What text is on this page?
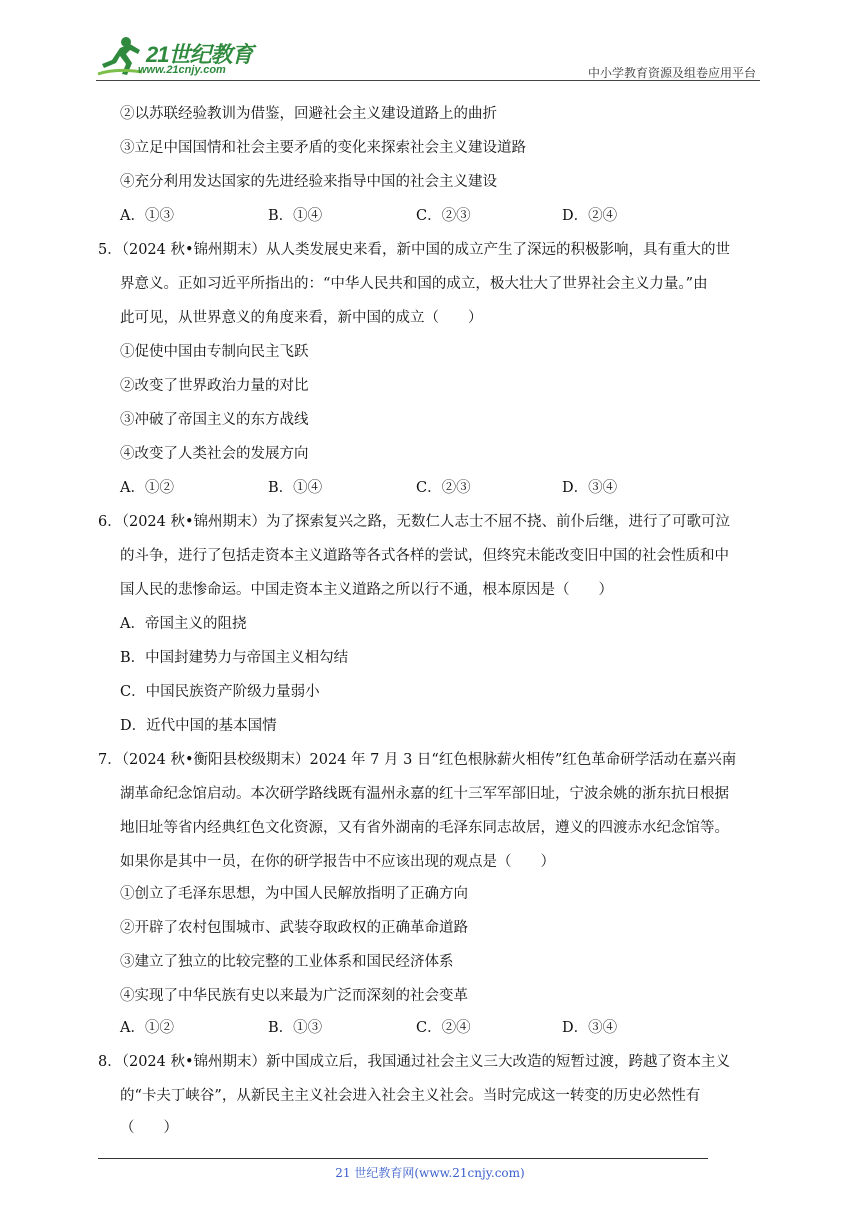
21世纪教育
www.21cnjy.com	中小学教育资源及组卷应用平台
②以苏联经验教训为借鉴，回避社会主义建设道路上的曲折
③立足中国国情和社会主要矛盾的变化来探索社会主义建设道路
④充分利用发达国家的先进经验来指导中国的社会主义建设
A．①③	B．①④	C．②③	D．②④
5．（2024 秋•锦州期末）从人类发展史来看，新中国的成立产生了深远的积极影响，具有重大的世
界意义。正如习近平所指出的：“中华人民共和国的成立，极大壮大了世界社会主义力量。”由
此可见，从世界意义的角度来看，新中国的成立（　　）
①促使中国由专制向民主飞跃
②改变了世界政治力量的对比
③冲破了帝国主义的东方战线
④改变了人类社会的发展方向
A．①②	B．①④	C．②③	D．③④
6．（2024 秋•锦州期末）为了探索复兴之路，无数仁人志士不屈不挠、前仆后继，进行了可歌可泣
的斗争，进行了包括走资本主义道路等各式各样的尝试，但终究未能改变旧中国的社会性质和中
国人民的悲惨命运。中国走资本主义道路之所以行不通，根本原因是（　　）
A．帝国主义的阻挠
B．中国封建势力与帝国主义相勾结
C．中国民族资产阶级力量弱小
D．近代中国的基本国情
7．（2024 秋•衡阳县校级期末）2024 年 7 月 3 日“红色根脉薪火相传”红色革命研学活动在嘉兴南
湖革命纪念馆启动。本次研学路线既有温州永嘉的红十三军军部旧址，宁波余姚的浙东抗日根据
地旧址等省内经典红色文化资源，又有省外湖南的毛泽东同志故居，遵义的四渡赤水纪念馆等。
如果你是其中一员，在你的研学报告中不应该出现的观点是（　　）
①创立了毛泽东思想，为中国人民解放指明了正确方向
②开辟了农村包围城市、武装夺取政权的正确革命道路
③建立了独立的比较完整的工业体系和国民经济体系
④实现了中华民族有史以来最为广泛而深刻的社会变革
A．①②	B．①③	C．②④	D．③④
8．（2024 秋•锦州期末）新中国成立后，我国通过社会主义三大改造的短暂过渡，跨越了资本主义
的“卡夫丁峡谷”，从新民主主义社会进入社会主义社会。当时完成这一转变的历史必然性有
（　　）
21 世纪教育网(www.21cnjy.com)
